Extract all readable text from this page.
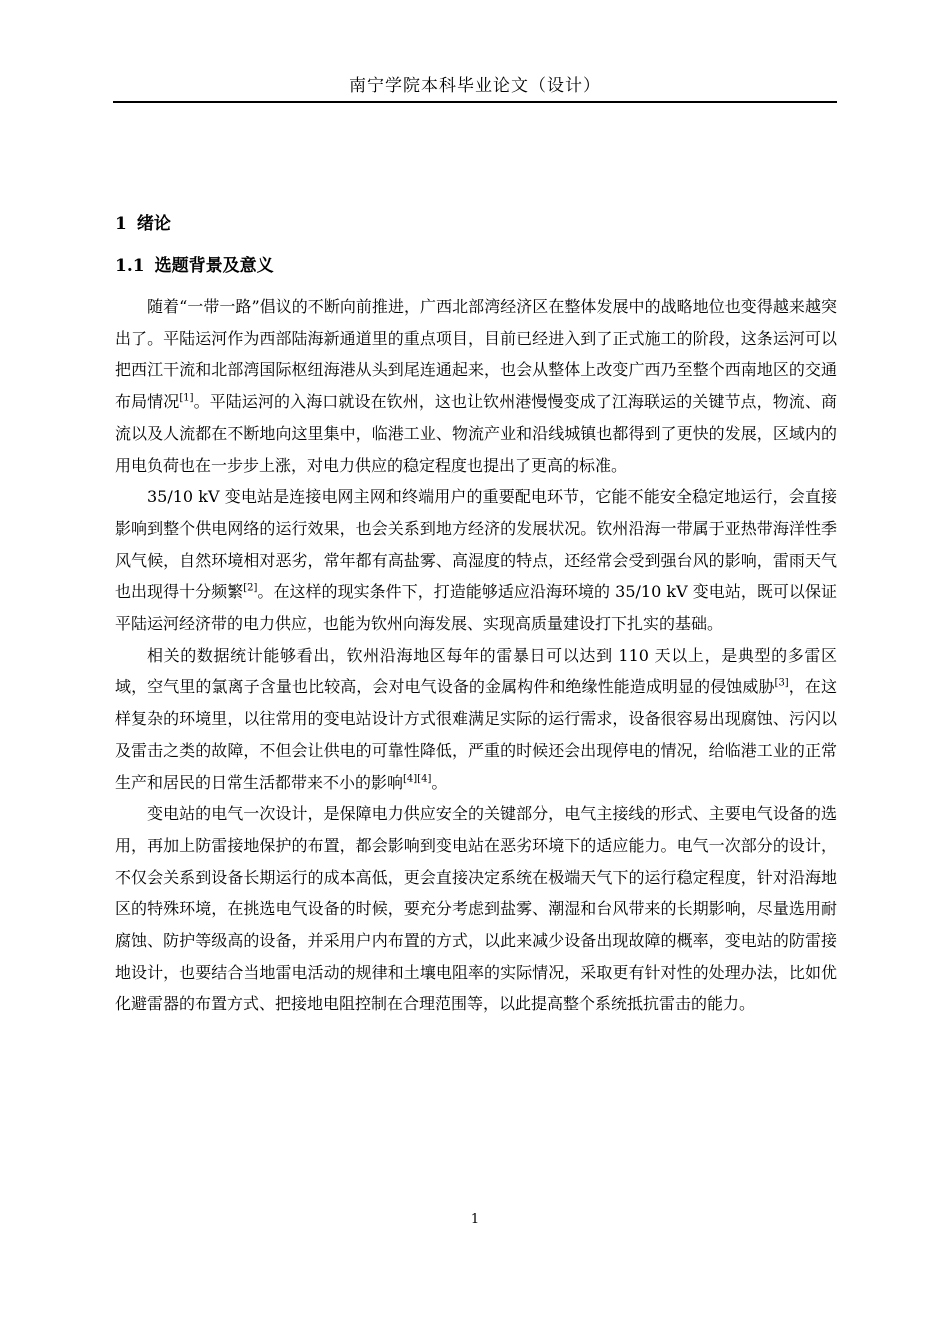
南宁学院本科毕业论文（设计）
1 绪论
1.1 选题背景及意义

随着“一带一路”倡议的不断向前推进，广西北部湾经济区在整体发展中的战略地位也变得越来越突出了。平陆运河作为西部陆海新通道里的重点项目，目前已经进入到了正式施工的阶段，这条运河可以把西江干流和北部湾国际枢纽海港从头到尾连通起来，也会从整体上改变广西乃至整个西南地区的交通布局情况[1]。平陆运河的入海口就设在钦州，这也让钦州港慢慢变成了江海联运的关键节点，物流、商流以及人流都在不断地向这里集中，临港工业、物流产业和沿线城镇也都得到了更快的发展，区域内的用电负荷也在一步步上涨，对电力供应的稳定程度也提出了更高的标准。

35/10 kV 变电站是连接电网主网和终端用户的重要配电环节，它能不能安全稳定地运行，会直接影响到整个供电网络的运行效果，也会关系到地方经济的发展状况。钦州沿海一带属于亚热带海洋性季风气候，自然环境相对恶劣，常年都有高盐雾、高湿度的特点，还经常会受到强台风的影响，雷雨天气也出现得十分频繁[2]。在这样的现实条件下，打造能够适应沿海环境的 35/10 kV 变电站，既可以保证平陆运河经济带的电力供应，也能为钦州向海发展、实现高质量建设打下扎实的基础。

相关的数据统计能够看出，钦州沿海地区每年的雷暴日可以达到 110 天以上，是典型的多雷区域，空气里的氯离子含量也比较高，会对电气设备的金属构件和绝缘性能造成明显的侵蚀威胁[3]，在这样复杂的环境里，以往常用的变电站设计方式很难满足实际的运行需求，设备很容易出现腐蚀、污闪以及雷击之类的故障，不但会让供电的可靠性降低，严重的时候还会出现停电的情况，给临港工业的正常生产和居民的日常生活都带来不小的影响[4][4]。

变电站的电气一次设计，是保障电力供应安全的关键部分，电气主接线的形式、主要电气设备的选用，再加上防雷接地保护的布置，都会影响到变电站在恶劣环境下的适应能力。电气一次部分的设计，不仅会关系到设备长期运行的成本高低，更会直接决定系统在极端天气下的运行稳定程度，针对沿海地区的特殊环境，在挑选电气设备的时候，要充分考虑到盐雾、潮湿和台风带来的长期影响，尽量选用耐腐蚀、防护等级高的设备，并采用户内布置的方式，以此来减少设备出现故障的概率，变电站的防雷接地设计，也要结合当地雷电活动的规律和土壤电阻率的实际情况，采取更有针对性的处理办法，比如优化避雷器的布置方式、把接地电阻控制在合理范围等，以此提高整个系统抵抗雷击的能力。

1
